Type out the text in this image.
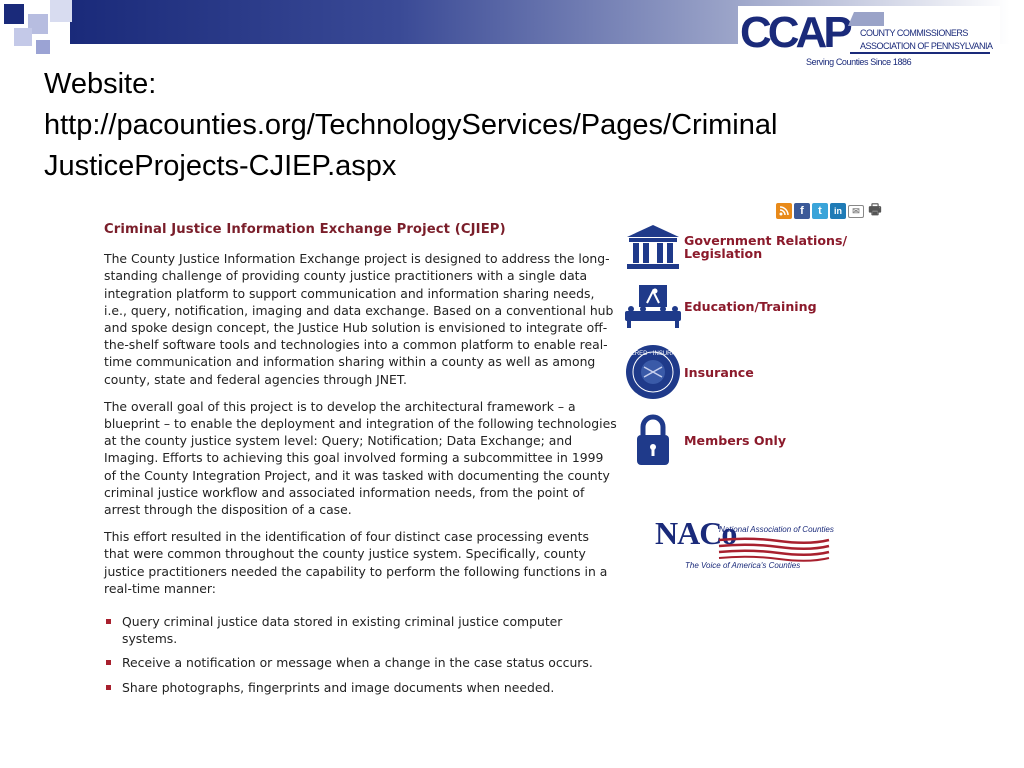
CCAP COUNTY COMMISSIONERS
ASSOCIATION OF PENNSYLVANIA
Serving Counties Since 1886
Website:
http://pacounties.org/TechnologyServices/Pages/Criminal
JusticeProjects-CJIEP.aspx
Criminal Justice Information Exchange Project (CJIEP)

The County Justice Information Exchange project is designed to address the long-standing challenge of providing county justice practitioners with a single data integration platform to support communication and information sharing needs, i.e., query, notification, imaging and data exchange. Based on a conventional hub and spoke design concept, the Justice Hub solution is envisioned to integrate off-the-shelf software tools and technologies into a common platform to enable real-time communication and information sharing within a county as well as among county, state and federal agencies through JNET.

The overall goal of this project is to develop the architectural framework – a blueprint – to enable the deployment and integration of the following technologies at the county justice system level: Query; Notification; Data Exchange; and Imaging. Efforts to achieving this goal involved forming a subcommittee in 1999 of the County Integration Project, and it was tasked with documenting the county criminal justice workflow and associated information needs, from the point of arrest through the disposition of a case.

This effort resulted in the identification of four distinct case processing events that were common throughout the county justice system. Specifically, county justice practitioners needed the capability to perform the following functions in a real-time manner:

Query criminal justice data stored in existing criminal justice computer systems.
Receive a notification or message when a change in the case status occurs.
Share photographs, fingerprints and image documents when needed.
f	t	in	✉ 🖶
Government Relations/
Legislation
Education/Training
COVERED · INSURANCE
Insurance
Members Only
NACo
National Association of Counties
The Voice of America's Counties
